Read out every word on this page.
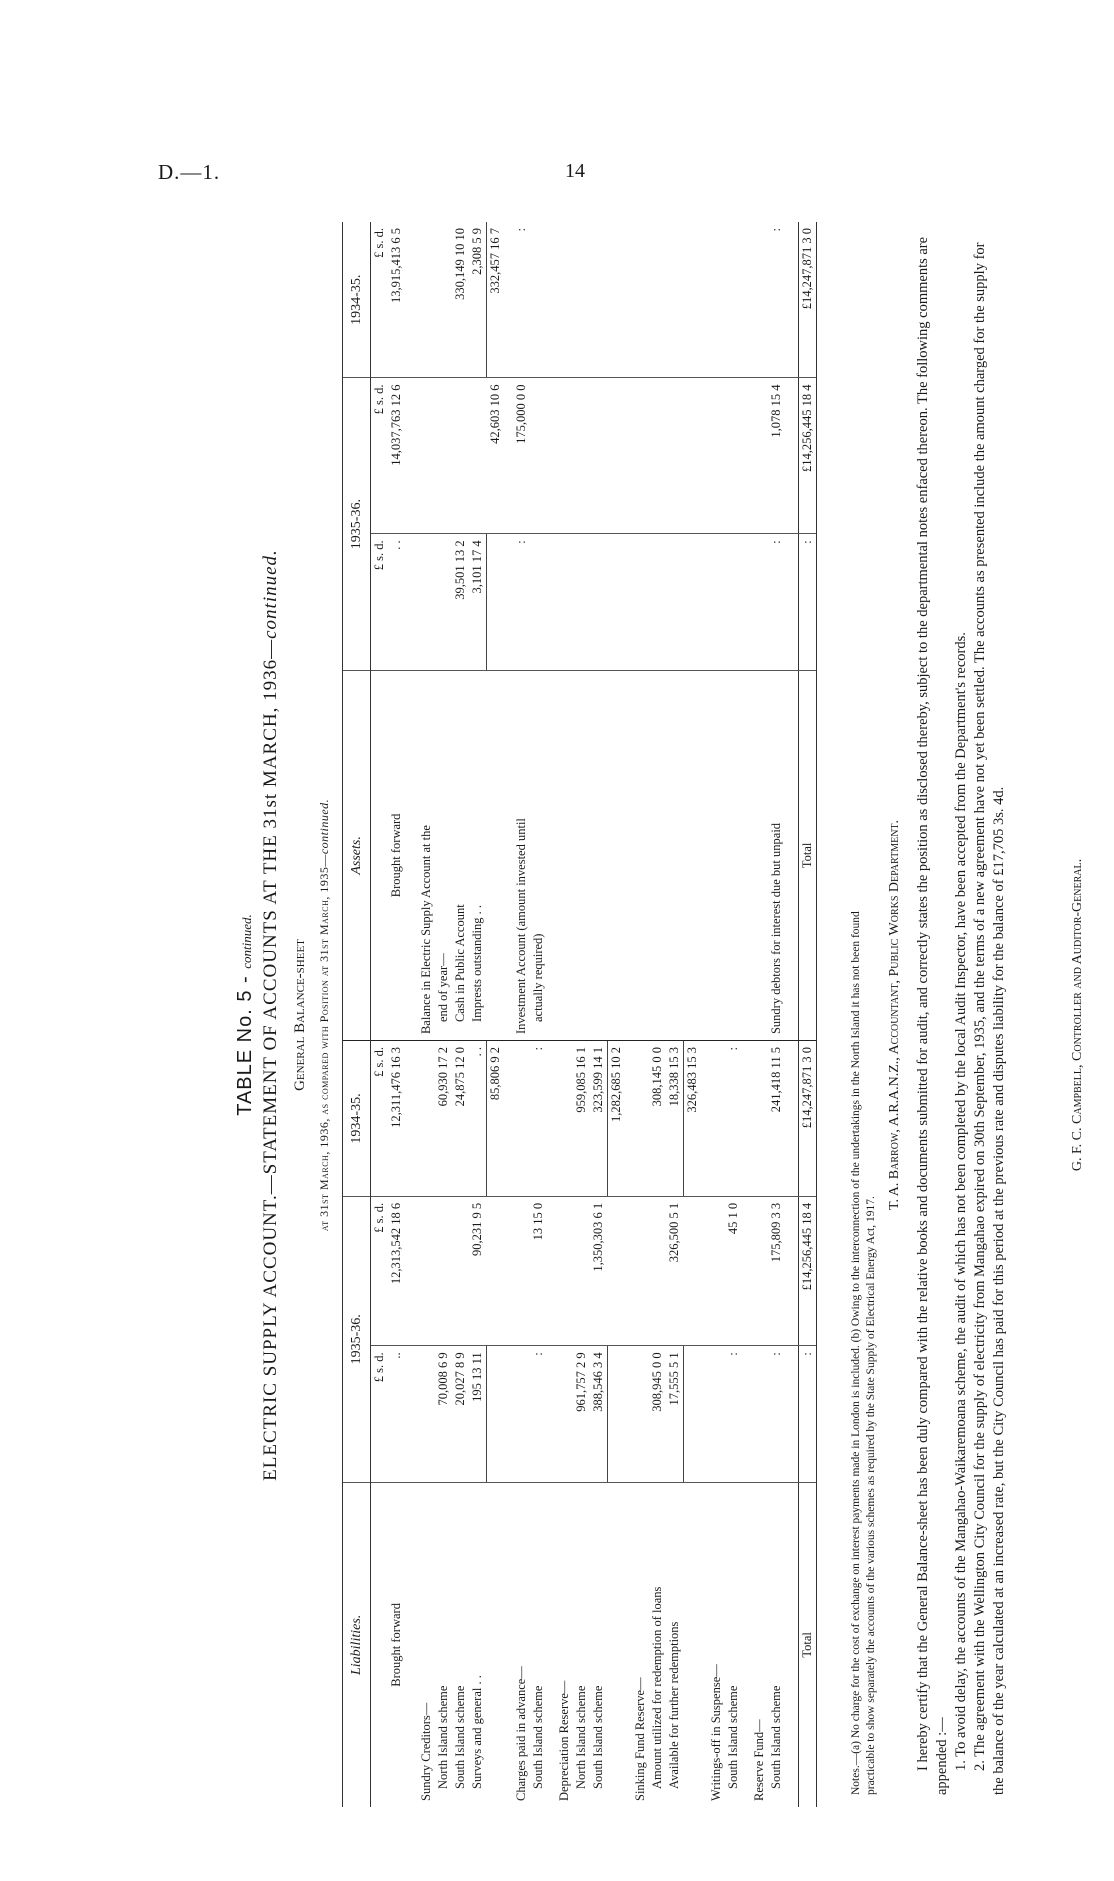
D.—1.	14
TABLE No. 5 - continued. ELECTRIC SUPPLY ACCOUNT.—STATEMENT OF ACCOUNTS AT THE 31st MARCH, 1936—continued.
General Balance-sheet at 31st March, 1936, as compared with Position at 31st March, 1935—continued.
Liabilities.	1935-36.		1934-35.	Assets.	1935-36.		1934-35.
	£ s. d.	£ s. d.	£ s. d.		£ s. d.	£ s. d.	£ s. d.
Brought forward	..	12,313,542 18 6	12,311,476 16 3	Brought forward	. .	14,037,763 12 6	13,915,413 6 5
Sundry Creditors—				Balance in Electric Supply Account at the			
North Island scheme	70,008 6 9		60,930 17 2	end of year—			
South Island scheme	20,027 8 9		24,875 12 0	Cash in Public Account	39,501 13 2		330,149 10 10
Surveys and general . .	195 13 11	90,231 9 5	. .	Imprests outstanding . .	3,101 17 4		2,308 5 9
			85,806 9 2			42,603 10 6	332,457 16 7
Charges paid in advance—				Investment Account (amount invested until	:	175,000 0 0	:
South Island scheme	:	13 15 0	:	actually required)			
Depreciation Reserve—							
North Island scheme	961,757 2 9		959,085 16 1				
South Island scheme	388,546 3 4	1,350,303 6 1	323,599 14 1				
			1,282,685 10 2				
Sinking Fund Reserve—							
Amount utilized for redemption of loans	308,945 0 0		308,145 0 0				
Available for further redemptions	17,555 5 1	326,500 5 1	18,338 15 3				
			326,483 15 3				
Writings-off in Suspense—							
South Island scheme	:	45 1 0	:				
Reserve Fund—							
South Island scheme	:	175,809 3 3	241,418 11 5	Sundry debtors for interest due but unpaid	:	1,078 15 4	:
Total	:	£14,256,445 18 4	£14,247,871 3 0	Total	:	£14,256,445 18 4	£14,247,871 3 0
Notes.—(a) No charge for the cost of exchange on interest payments made in London is included. (b) Owing to the interconnection of the undertakings in the North Island it has not been found practicable to show separately the accounts of the various schemes as required by the State Supply of Electrical Energy Act, 1917.
T. A. Barrow, A.R.A.N.Z., Accountant, Public Works Department. I hereby certify that the General Balance-sheet has been duly compared with the relative books and documents submitted for audit, and correctly states the position as disclosed thereby, subject to the departmental notes enfaced thereon. The following comments are appended :— 1. To avoid delay, the accounts of the Mangahao-Waikaremoana scheme, the audit of which has not been completed by the local Audit Inspector, have been accepted from the Department's records. 2. The agreement with the Wellington City Council for the supply of electricity from Mangahao expired on 30th September, 1935, and the terms of a new agreement have not yet been settled. The accounts as presented include the amount charged for the supply for the balance of the year calculated at an increased rate, but the City Council has paid for this period at the previous rate and disputes liability for the balance of £17,705 3s. 4d.	G. F. C. Campbell, Controller and Auditor-General.
